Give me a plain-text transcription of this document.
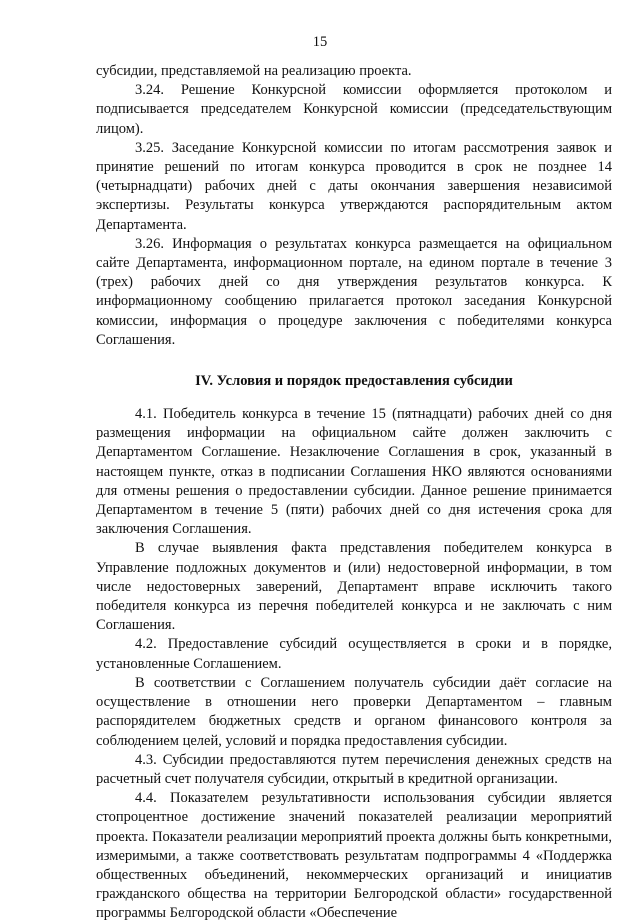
15

субсидии, представляемой на реализацию проекта.

3.24. Решение Конкурсной комиссии оформляется протоколом и подписывается председателем Конкурсной комиссии (председательствующим лицом).

3.25. Заседание Конкурсной комиссии по итогам рассмотрения заявок и принятие решений по итогам конкурса проводится в срок не позднее 14 (четырнадцати) рабочих дней с даты окончания завершения независимой экспертизы. Результаты конкурса утверждаются распорядительным актом Департамента.

3.26. Информация о результатах конкурса размещается на официальном сайте Департамента, информационном портале, на едином портале в течение 3 (трех) рабочих дней со дня утверждения результатов конкурса. К информационному сообщению прилагается протокол заседания Конкурсной комиссии, информация о процедуре заключения с победителями конкурса Соглашения.

IV. Условия и порядок предоставления субсидии

4.1. Победитель конкурса в течение 15 (пятнадцати) рабочих дней со дня размещения информации на официальном сайте должен заключить с Департаментом Соглашение. Незаключение Соглашения в срок, указанный в настоящем пункте, отказ в подписании Соглашения НКО являются основаниями для отмены решения о предоставлении субсидии. Данное решение принимается Департаментом в течение 5 (пяти) рабочих дней со дня истечения срока для заключения Соглашения.

В случае выявления факта представления победителем конкурса в Управление подложных документов и (или) недостоверной информации, в том числе недостоверных заверений, Департамент вправе исключить такого победителя конкурса из перечня победителей конкурса и не заключать с ним Соглашения.

4.2. Предоставление субсидий осуществляется в сроки и в порядке, установленные Соглашением.

В соответствии с Соглашением получатель субсидии даёт согласие на осуществление в отношении него проверки Департаментом – главным распорядителем бюджетных средств и органом финансового контроля за соблюдением целей, условий и порядка предоставления субсидии.

4.3. Субсидии предоставляются путем перечисления денежных средств на расчетный счет получателя субсидии, открытый в кредитной организации.

4.4. Показателем результативности использования субсидии является стопроцентное достижение значений показателей реализации мероприятий проекта. Показатели реализации мероприятий проекта должны быть конкретными, измеримыми, а также соответствовать результатам подпрограммы 4 «Поддержка общественных объединений, некоммерческих организаций и инициатив гражданского общества на территории Белгородской области» государственной программы Белгородской области «Обеспечение
